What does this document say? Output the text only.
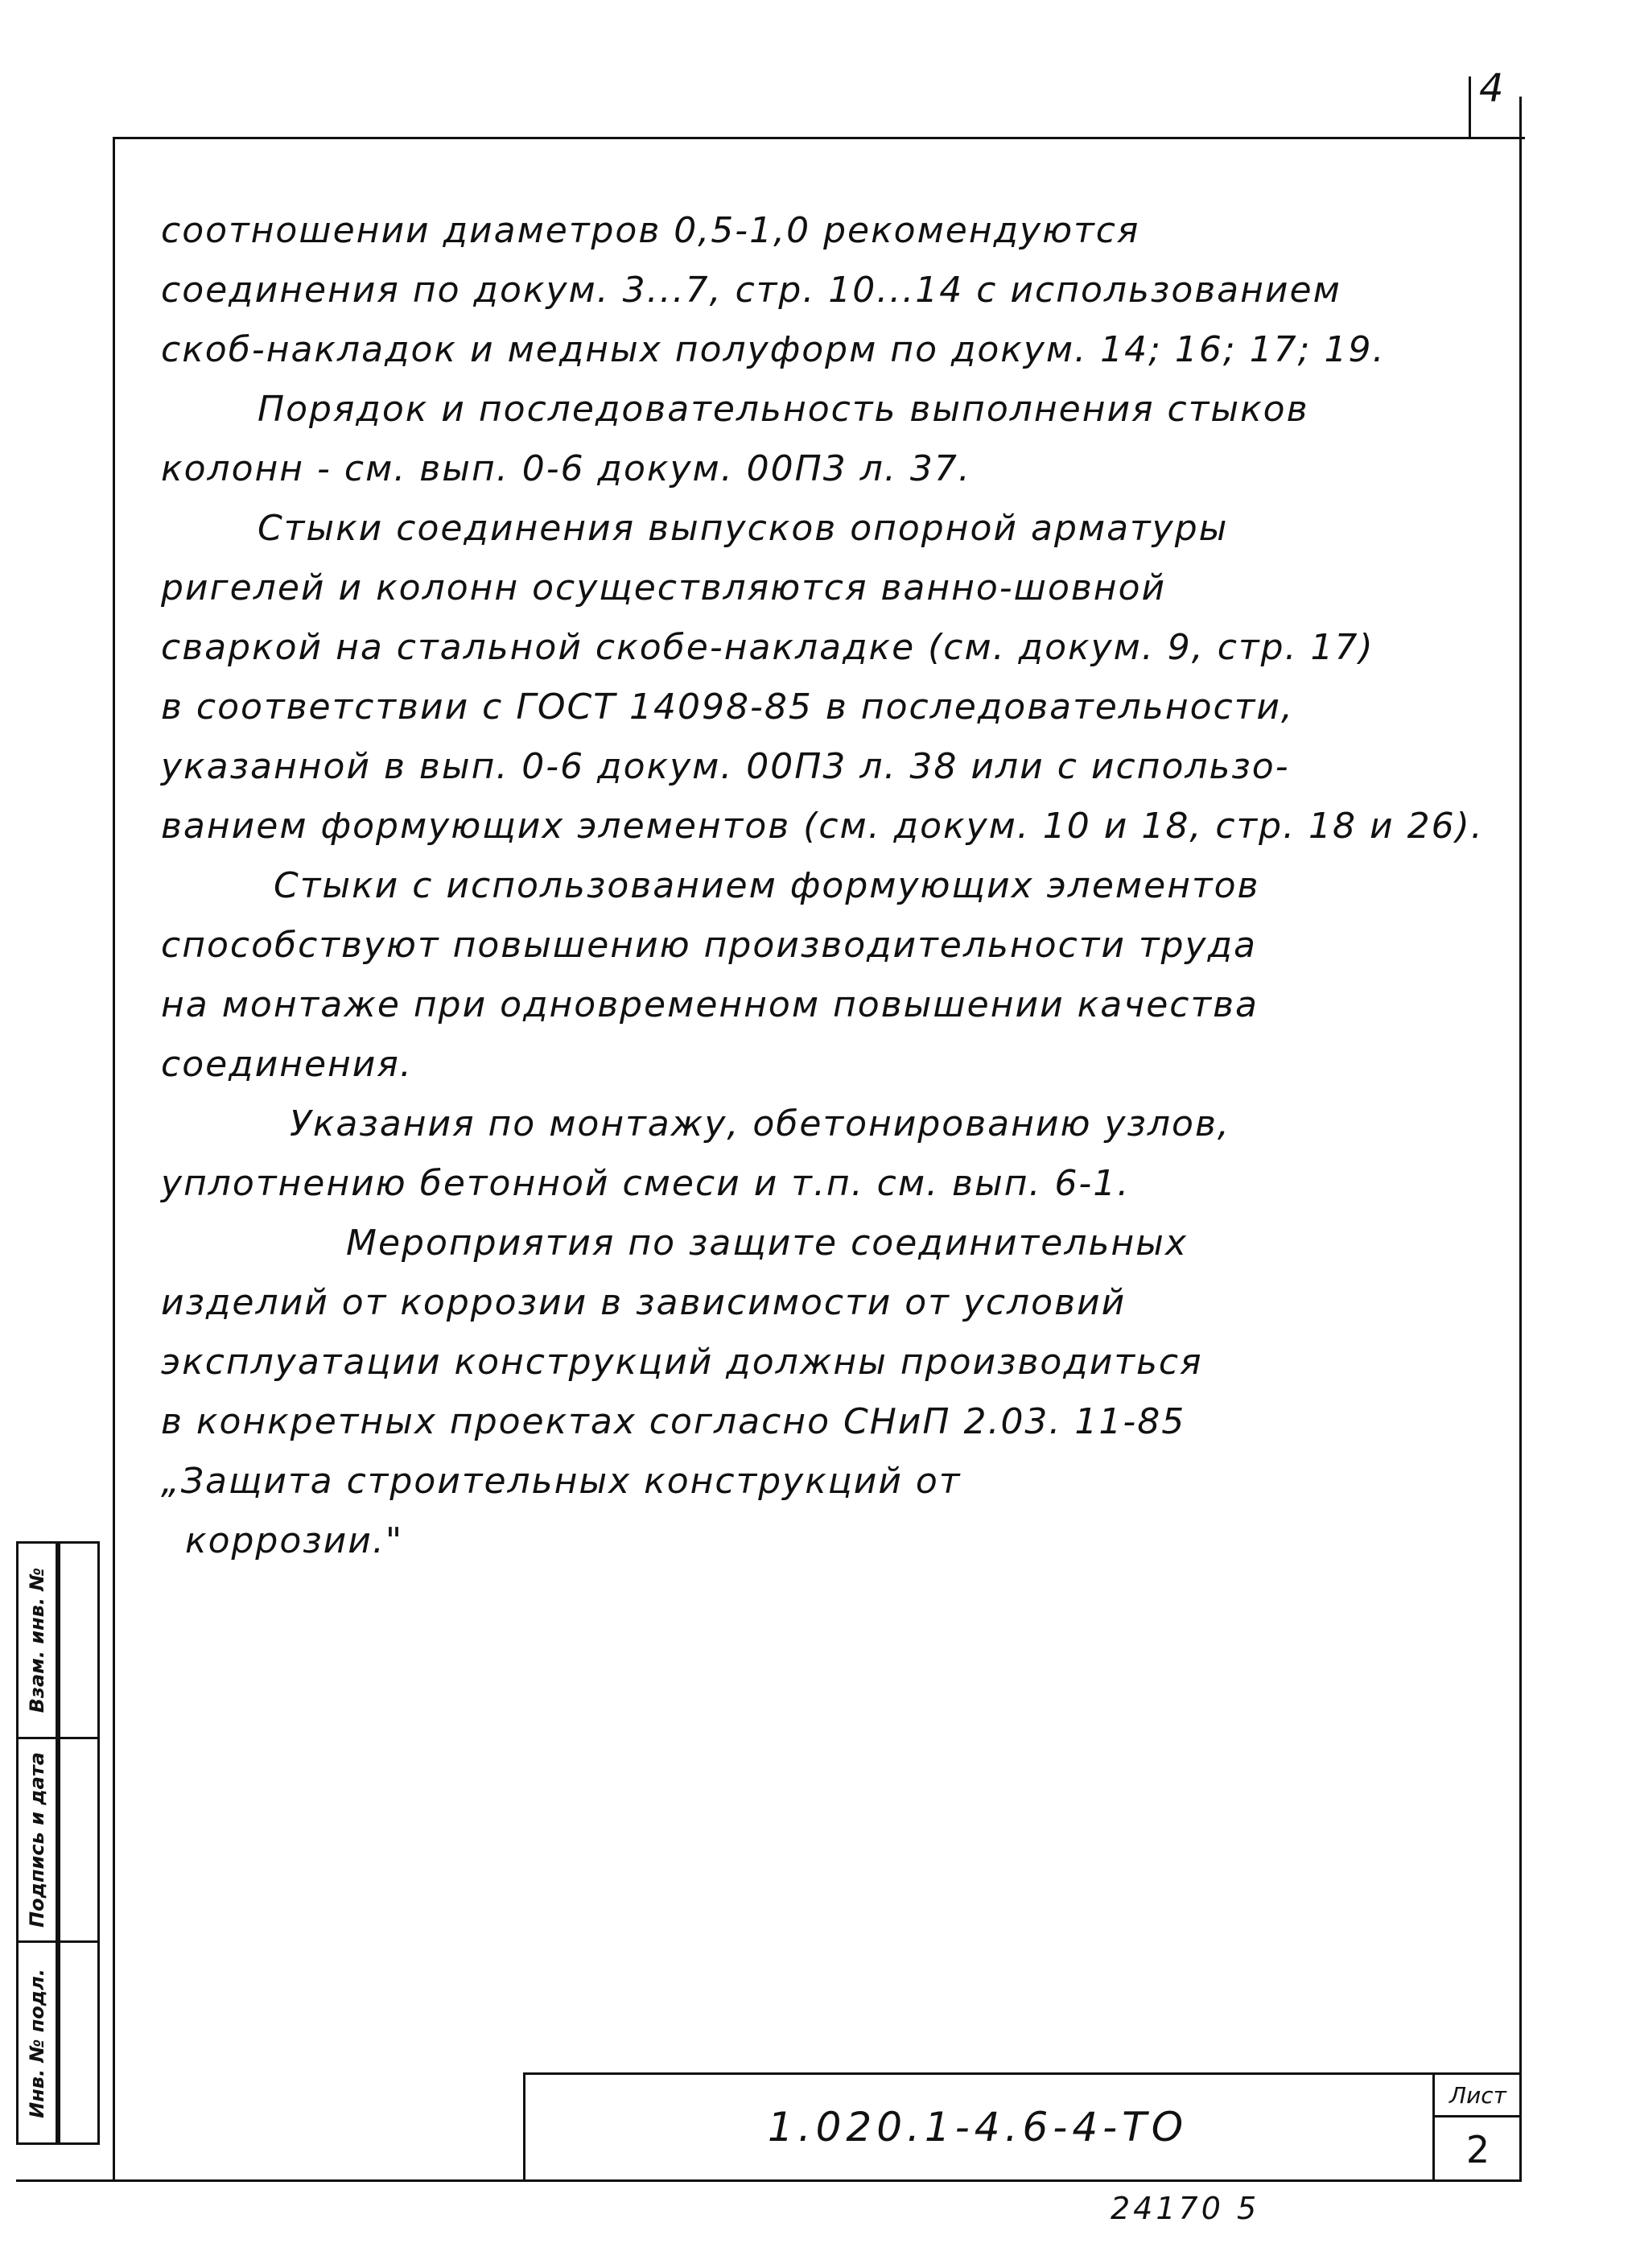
4
соотношении диаметров 0,5-1,0 рекомендуются
соединения по докум. 3...7, стр. 10...14 с использованием
скоб-накладок и медных полуформ по докум. 14; 16; 17; 19.
Порядок и последовательность выполнения стыков
колонн - см. вып. 0-6 докум. 00П3 л. 37.
Стыки соединения выпусков опорной арматуры
ригелей и колонн осуществляются ванно-шовной
сваркой на стальной скобе-накладке (см. докум. 9, стр. 17)
в соответствии с ГОСТ 14098-85 в последовательности,
указанной в вып. 0-6 докум. 00П3 л. 38 или с использо-
ванием формующих элементов (см. докум. 10 и 18, стр. 18 и 26).
Стыки с использованием формующих элементов
способствуют повышению производительности труда
на монтаже при одновременном повышении качества
соединения.
Указания по монтажу, обетонированию узлов,
уплотнению бетонной смеси и т.п. см. вып. 6-1.
Мероприятия по защите соединительных
изделий от коррозии в зависимости от условий
эксплуатации конструкций должны производиться
в конкретных проектах согласно СНиП 2.03. 11-85
„Защита строительных конструкций от
коррозии."
Взам. инв. №
Подпись и дата
Инв. № подл.
1.020.1-4.6-4-ТО
Лист
2
24170 5
